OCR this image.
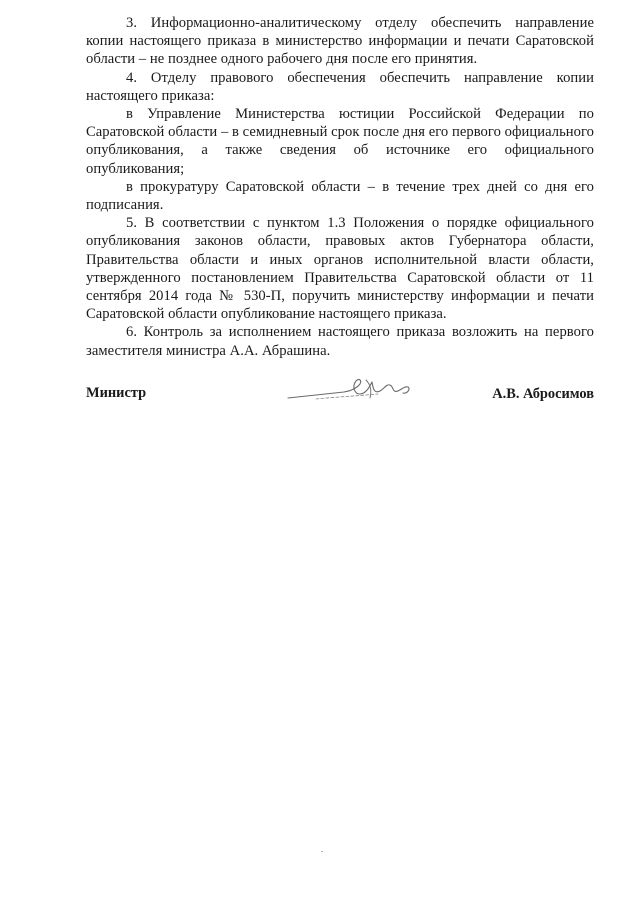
3. Информационно-аналитическому отделу обеспечить направление копии настоящего приказа в министерство информации и печати Саратовской области – не позднее одного рабочего дня после его принятия.

4. Отделу правового обеспечения обеспечить направление копии настоящего приказа:

в Управление Министерства юстиции Российской Федерации по Саратовской области – в семидневный срок после дня его первого официального опубликования, а также сведения об источнике его официального опубликования;

в прокуратуру Саратовской области – в течение трех дней со дня его подписания.

5. В соответствии с пунктом 1.3 Положения о порядке официального опубликования законов области, правовых актов Губернатора области, Правительства области и иных органов исполнительной власти области, утвержденного постановлением Правительства Саратовской области от 11 сентября 2014 года № 530-П, поручить министерству информации и печати Саратовской области опубликование настоящего приказа.

6. Контроль за исполнением настоящего приказа возложить на первого заместителя министра А.А. Абрашина.

Министр	А.В. Абросимов
